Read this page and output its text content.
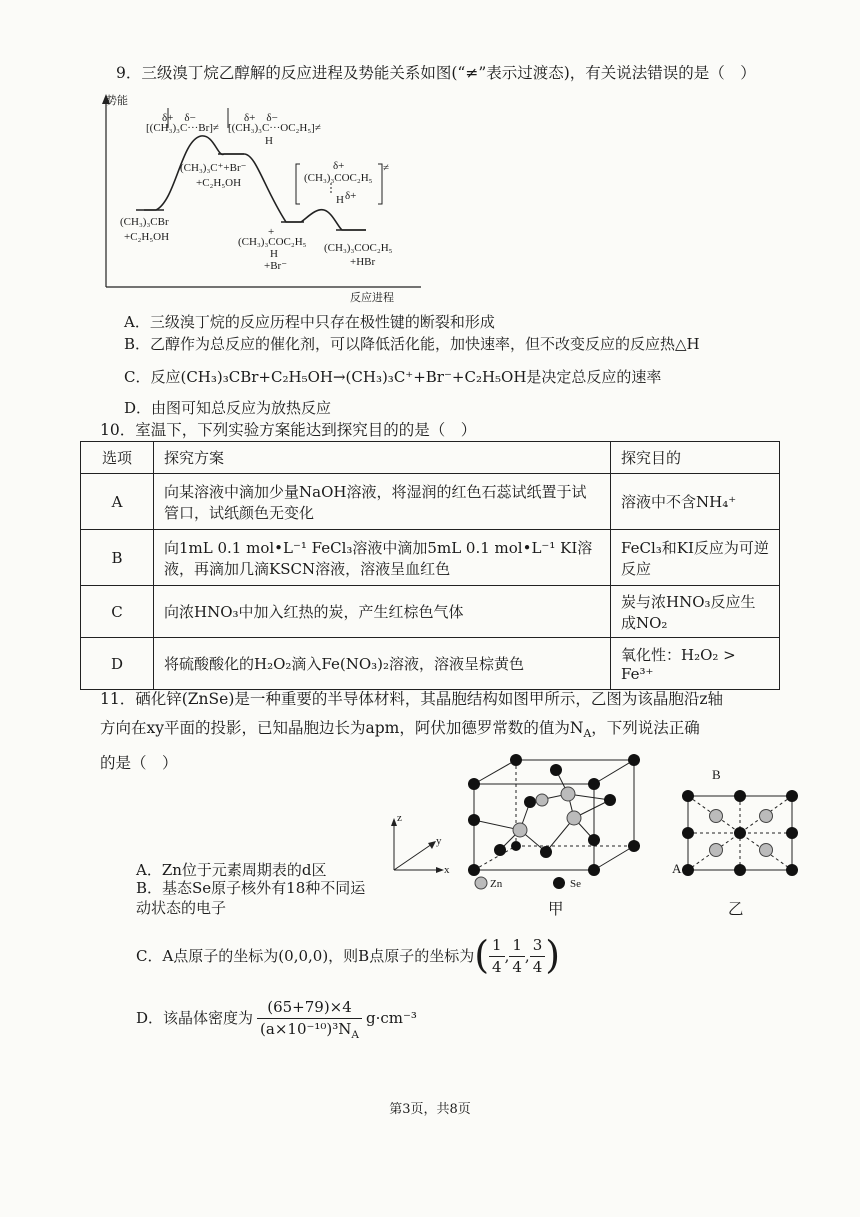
9．三级溴丁烷乙醇解的反应进程及势能关系如图(“≠”表示过渡态)，有关说法错误的是（　）
势能
δ+　δ−
[(CH₃)₃C···Br]≠
δ+　δ−
[(CH₃)₃C···OC₂H₅]≠
H
(CH₃)₃C⁺+Br⁻
+C₂H₅OH
δ+
(CH₃)₃COC₂H₅
H δ+
≠
(CH₃)₃CBr
+C₂H₅OH	+
(CH₃)₃COC₂H₅
H
+Br⁻
(CH₃)₃COC₂H₅
+HBr
反应进程
A．三级溴丁烷的反应历程中只存在极性键的断裂和形成
B．乙醇作为总反应的催化剂，可以降低活化能，加快速率，但不改变反应的反应热△H
C．反应(CH₃)₃CBr+C₂H₅OH→(CH₃)₃C⁺+Br⁻+C₂H₅OH是决定总反应的速率
D．由图可知总反应为放热反应
10．室温下，下列实验方案能达到探究目的的是（　）
选项	探究方案	探究目的
A	向某溶液中滴加少量NaOH溶液，将湿润的红色石蕊试纸置于试管口，试纸颜色无变化	溶液中不含NH₄⁺
B	向1mL 0.1 mol•L⁻¹ FeCl₃溶液中滴加5mL 0.1 mol•L⁻¹ KI溶液，再滴加几滴KSCN溶液，溶液呈血红色	FeCl₃和KI反应为可逆反应
C	向浓HNO₃中加入红热的炭，产生红棕色气体	炭与浓HNO₃反应生成NO₂
D	将硫酸酸化的H₂O₂滴入Fe(NO₃)₂溶液，溶液呈棕黄色	氧化性：H₂O₂ > Fe³⁺
11．硒化锌(ZnSe)是一种重要的半导体材料，其晶胞结构如图甲所示，乙图为该晶胞沿z轴
方向在xy平面的投影，已知晶胞边长为apm，阿伏加德罗常数的值为$N_A$，下列说法正确
的是（　）
z
y
x
Zn	Se
甲
B
A
乙
A．Zn位于元素周期表的d区
B．基态Se原子核外有18种不同运
动状态的电子
C．A点原子的坐标为(0,0,0)，则B点原子的坐标为 ( $\frac{1}{4}$ , $\frac{1}{4}$ , $\frac{3}{4}$ )
D．该晶体密度为 $\frac{(65+79)\times 4}{(a\times 10^{-10})^3N_A} g\cdot cm^{-3}$
第3页，共8页
